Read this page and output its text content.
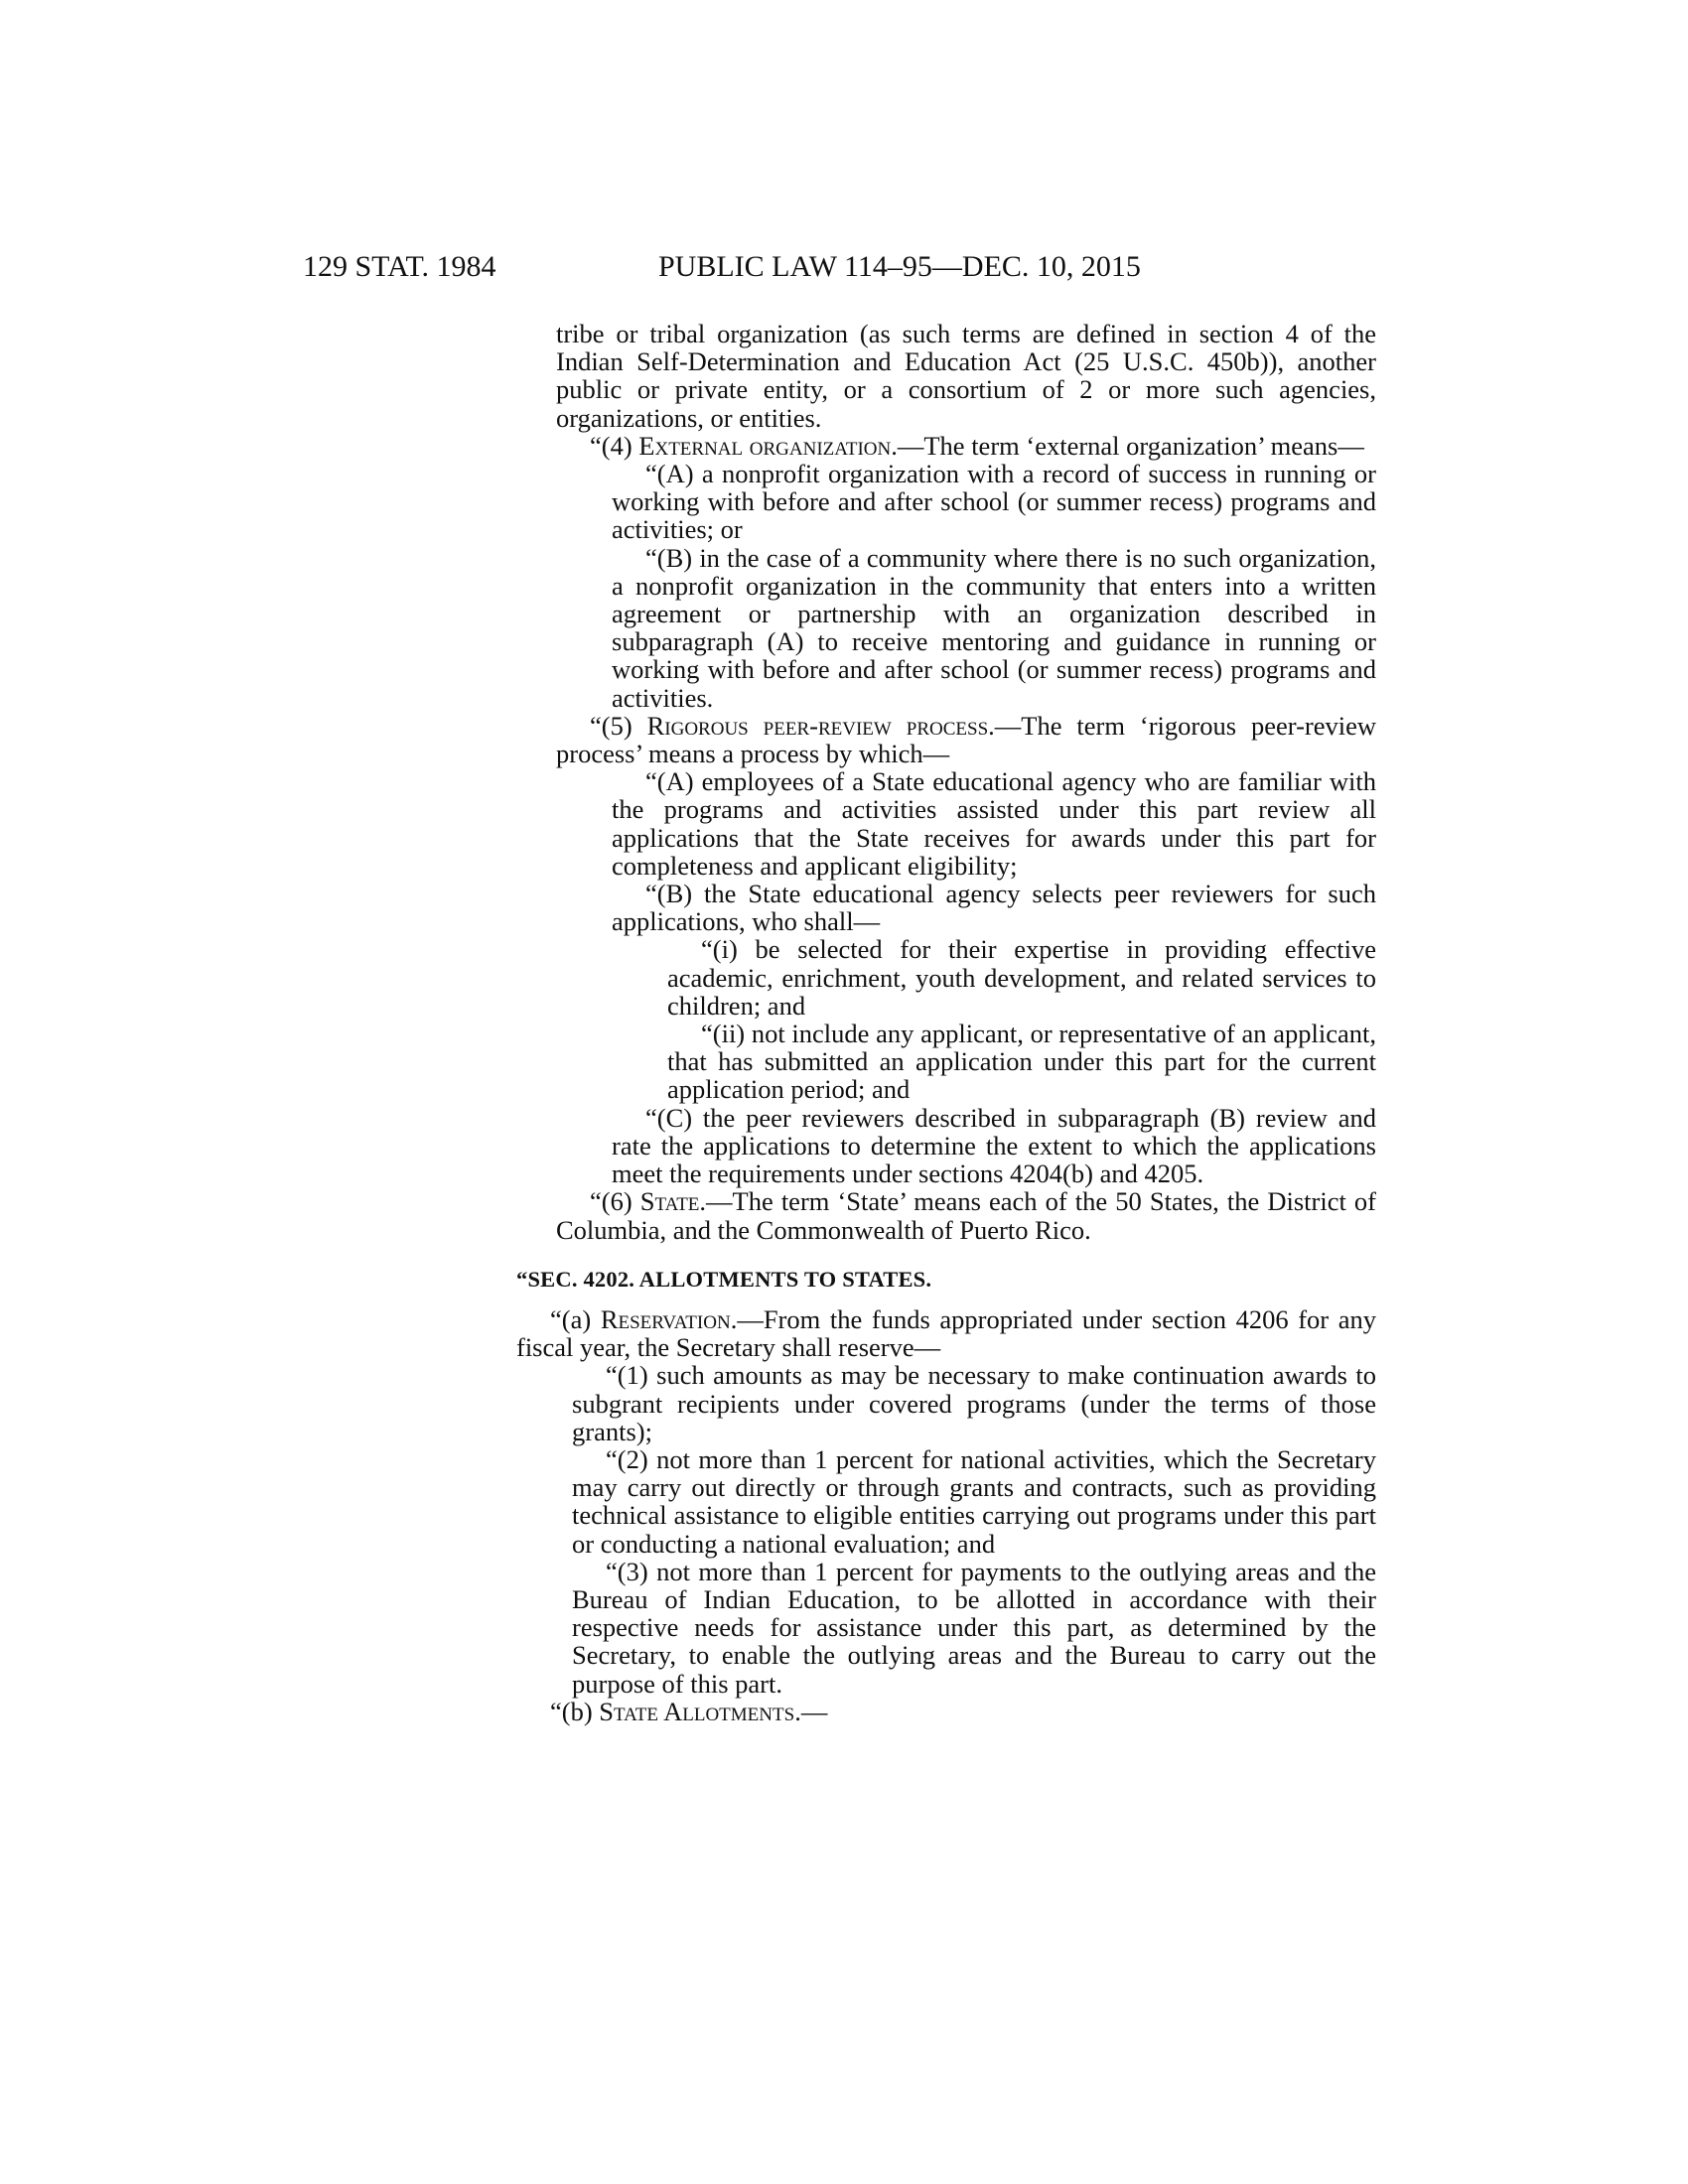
129 STAT. 1984	PUBLIC LAW 114–95—DEC. 10, 2015

tribe or tribal organization (as such terms are defined in section 4 of the Indian Self-Determination and Education Act (25 U.S.C. 450b)), another public or private entity, or a consortium of 2 or more such agencies, organizations, or entities.

“(4) External organization.—The term ‘external organization’ means—

“(A) a nonprofit organization with a record of success in running or working with before and after school (or summer recess) programs and activities; or

“(B) in the case of a community where there is no such organization, a nonprofit organization in the community that enters into a written agreement or partnership with an organization described in subparagraph (A) to receive mentoring and guidance in running or working with before and after school (or summer recess) programs and activities.

“(5) Rigorous peer-review process.—The term ‘rigorous peer-review process’ means a process by which—

“(A) employees of a State educational agency who are familiar with the programs and activities assisted under this part review all applications that the State receives for awards under this part for completeness and applicant eligibility;

“(B) the State educational agency selects peer reviewers for such applications, who shall—

“(i) be selected for their expertise in providing effective academic, enrichment, youth development, and related services to children; and

“(ii) not include any applicant, or representative of an applicant, that has submitted an application under this part for the current application period; and

“(C) the peer reviewers described in subparagraph (B) review and rate the applications to determine the extent to which the applications meet the requirements under sections 4204(b) and 4205.

“(6) State.—The term ‘State’ means each of the 50 States, the District of Columbia, and the Commonwealth of Puerto Rico.

“SEC. 4202. ALLOTMENTS TO STATES.

“(a) Reservation.—From the funds appropriated under section 4206 for any fiscal year, the Secretary shall reserve—

“(1) such amounts as may be necessary to make continuation awards to subgrant recipients under covered programs (under the terms of those grants);

“(2) not more than 1 percent for national activities, which the Secretary may carry out directly or through grants and contracts, such as providing technical assistance to eligible entities carrying out programs under this part or conducting a national evaluation; and

“(3) not more than 1 percent for payments to the outlying areas and the Bureau of Indian Education, to be allotted in accordance with their respective needs for assistance under this part, as determined by the Secretary, to enable the outlying areas and the Bureau to carry out the purpose of this part.

“(b) State Allotments.—
